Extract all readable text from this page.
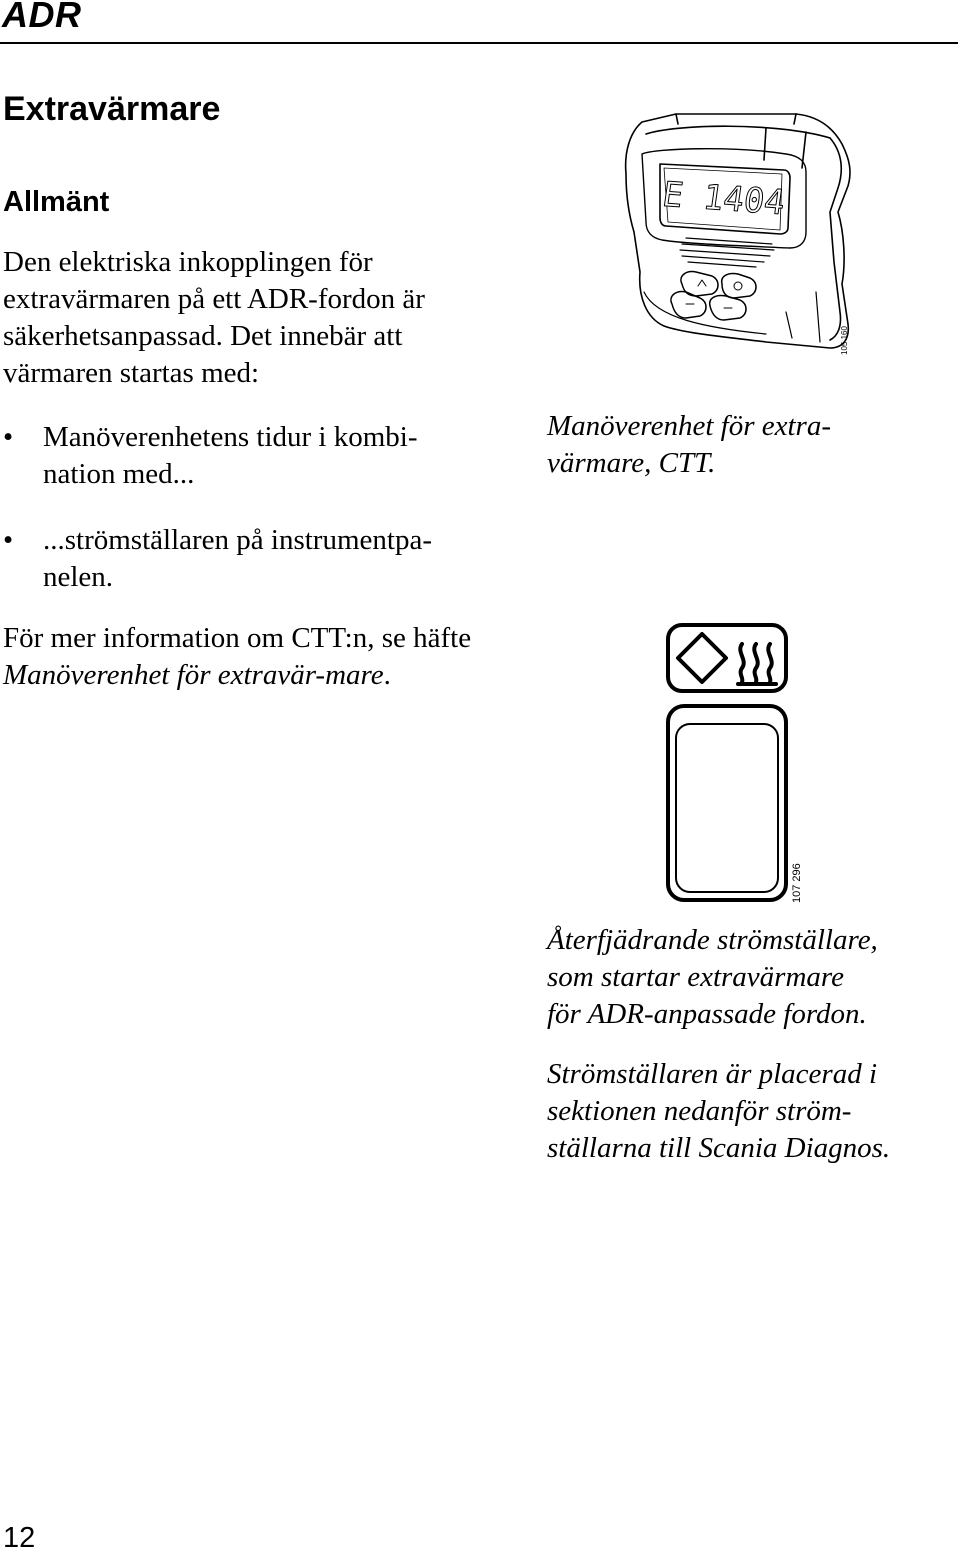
ADR
Extravärmare
Allmänt
Den elektriska inkopplingen för extravärmaren på ett ADR-fordon är säkerhetsanpassad. Det innebär att värmaren startas med:
• Manöverenhetens tidur i kombi-
nation med...
• ...strömställaren på instrumentpa-
nelen.
För mer information om CTT:n, se häfte Manöverenhet för extravär-mare.
E 1404
105 160
Manöverenhet för extra-
värmare, CTT.
107 296
Återfjädrande strömställare,
som startar extravärmare
för ADR-anpassade fordon.
Strömställaren är placerad i
sektionen nedanför ström-
ställarna till Scania Diagnos.
12
